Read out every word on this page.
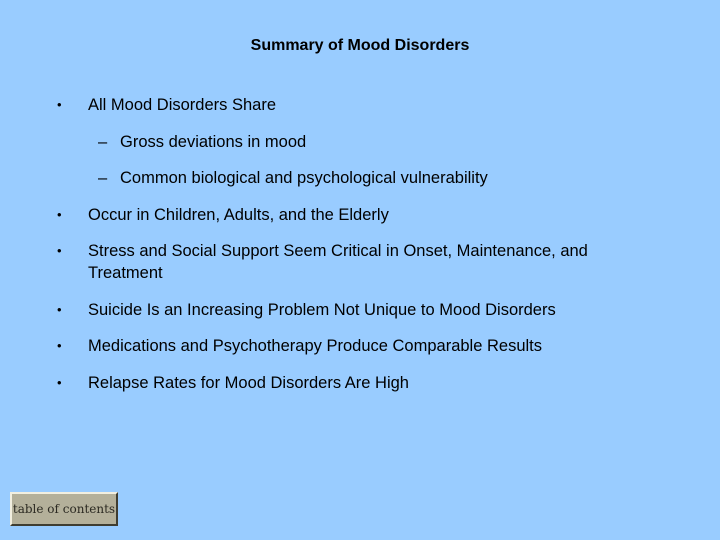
Summary of Mood Disorders
• All Mood Disorders Share
– Gross deviations in mood
– Common biological and psychological vulnerability
• Occur in Children, Adults, and the Elderly
• Stress and Social Support Seem Critical in Onset, Maintenance, and Treatment
• Suicide Is an Increasing Problem Not Unique to Mood Disorders
• Medications and Psychotherapy Produce Comparable Results
• Relapse Rates for Mood Disorders Are High
table of contents
